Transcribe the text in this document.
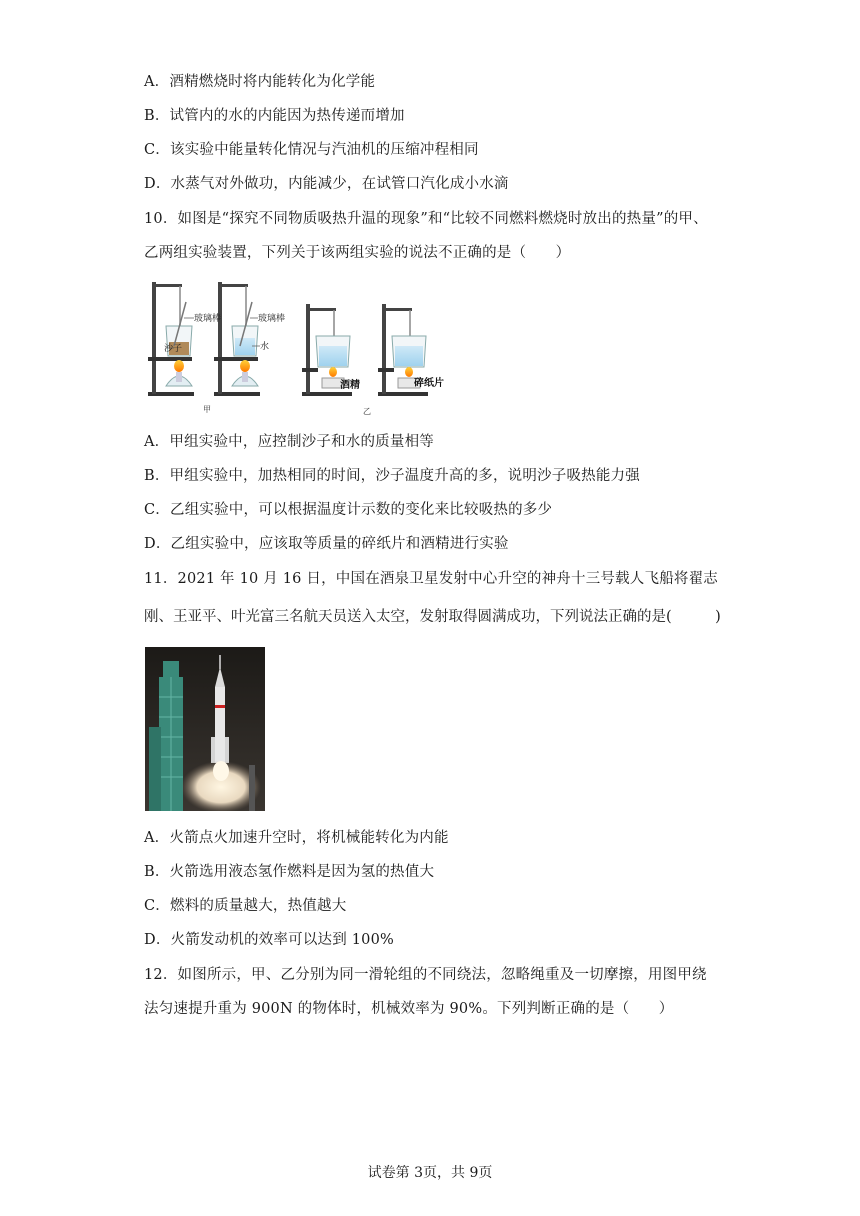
A．酒精燃烧时将内能转化为化学能
B．试管内的水的内能因为热传递而增加
C．该实验中能量转化情况与汽油机的压缩冲程相同
D．水蒸气对外做功，内能减少，在试管口汽化成小水滴
10．如图是“探究不同物质吸热升温的现象”和“比较不同燃料燃烧时放出的热量”的甲、
乙两组实验装置，下列关于该两组实验的说法不正确的是（　　）
玻璃棒
沙子
玻璃棒
水
酒精	碎纸片
甲	乙
A．甲组实验中，应控制沙子和水的质量相等
B．甲组实验中，加热相同的时间，沙子温度升高的多，说明沙子吸热能力强
C．乙组实验中，可以根据温度计示数的变化来比较吸热的多少
D．乙组实验中，应该取等质量的碎纸片和酒精进行实验
11．2021 年 10 月 16 日，中国在酒泉卫星发射中心升空的神舟十三号载人飞船将翟志
刚、王亚平、叶光富三名航天员送入太空，发射取得圆满成功，下列说法正确的是(　　　)
A．火箭点火加速升空时，将机械能转化为内能
B．火箭选用液态氢作燃料是因为氢的热值大
C．燃料的质量越大，热值越大
D．火箭发动机的效率可以达到 100%
12．如图所示，甲、乙分别为同一滑轮组的不同绕法，忽略绳重及一切摩擦，用图甲绕
法匀速提升重为 900N 的物体时，机械效率为 90%。下列判断正确的是（　　）
试卷第 3页，共 9页
